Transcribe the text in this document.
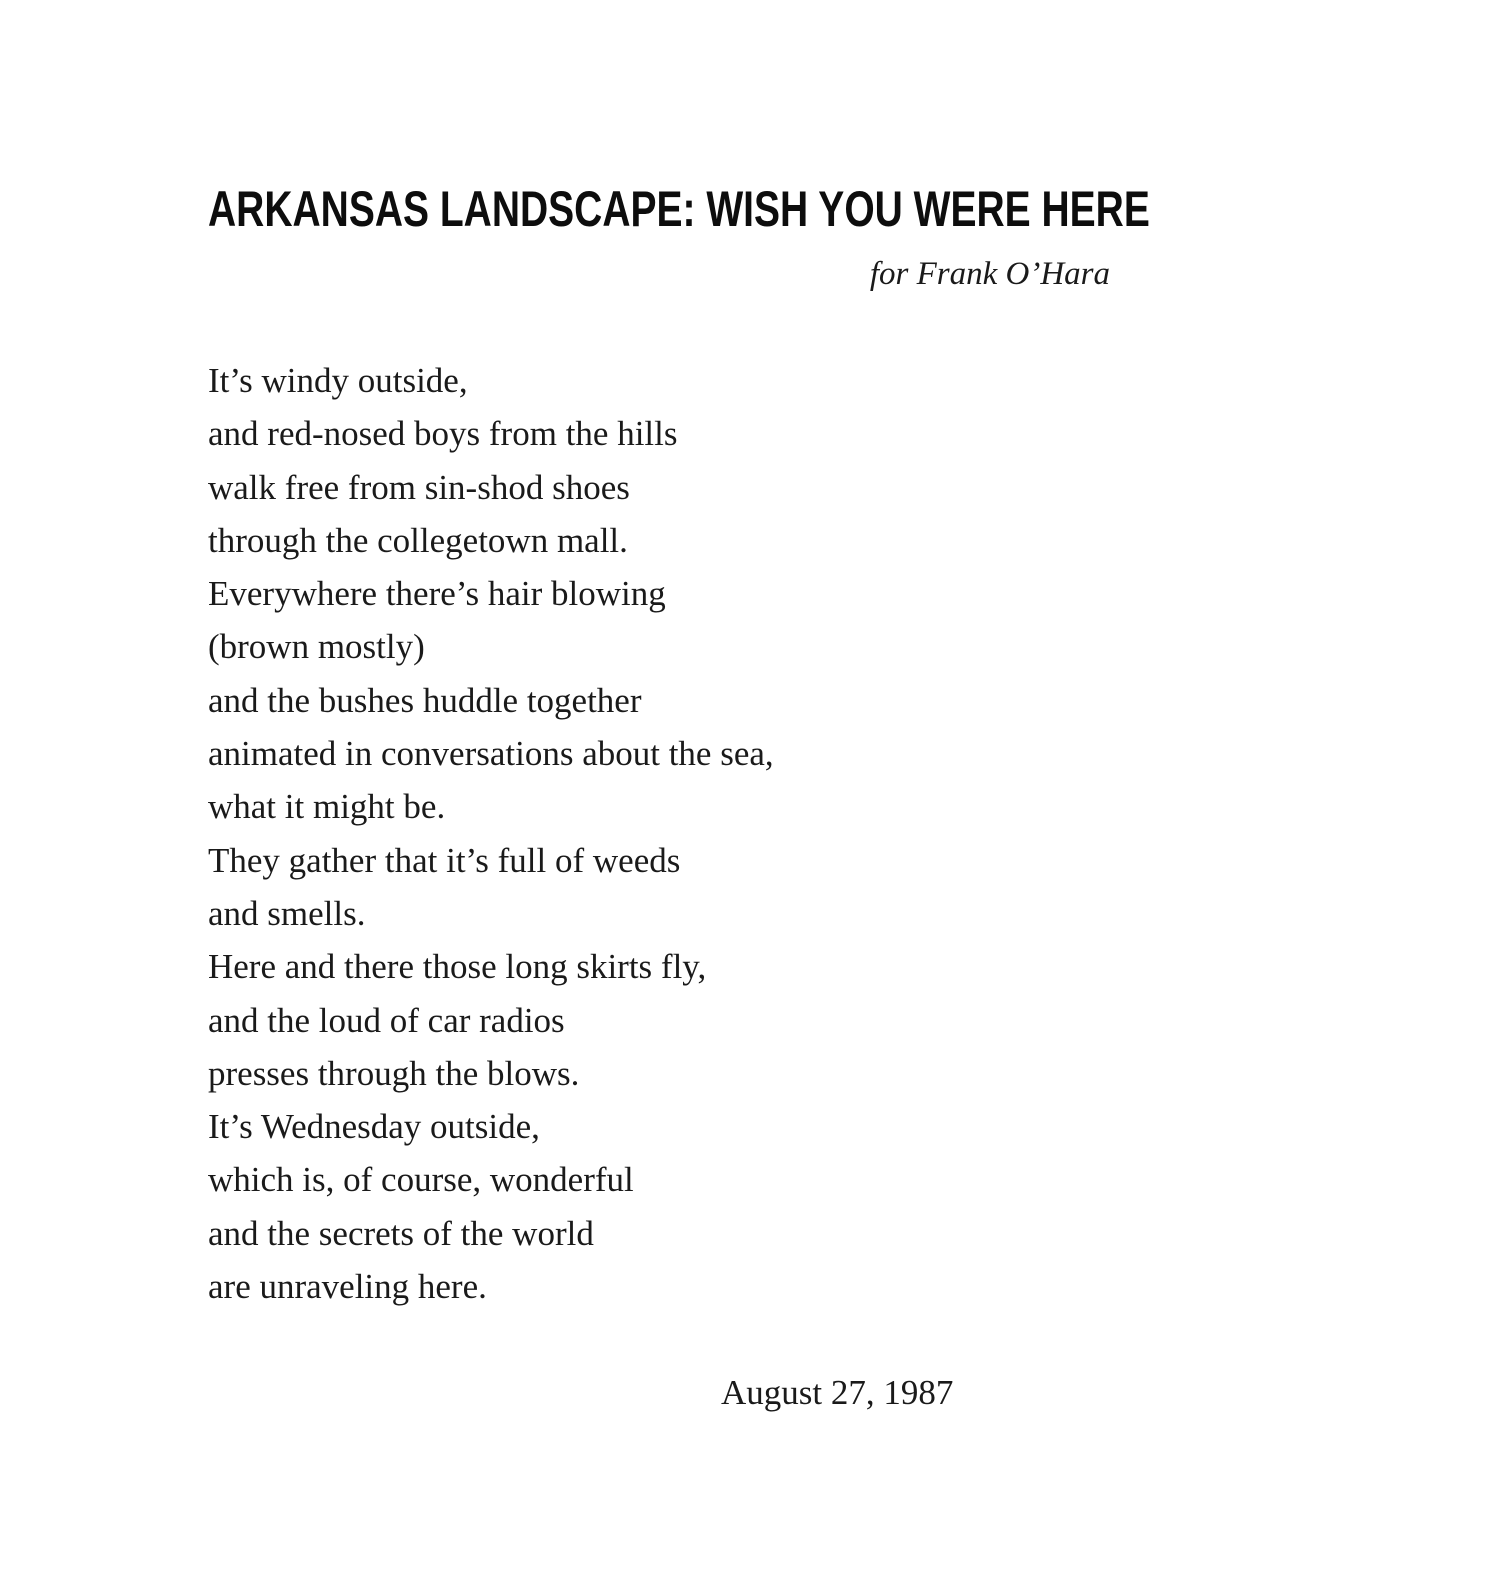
ARKANSAS LANDSCAPE: WISH YOU WERE HERE

for Frank O’Hara

It’s windy outside,
and red-nosed boys from the hills
walk free from sin-shod shoes
through the collegetown mall.
Everywhere there’s hair blowing
(brown mostly)
and the bushes huddle together
animated in conversations about the sea,
what it might be.
They gather that it’s full of weeds
and smells.
Here and there those long skirts fly,
and the loud of car radios
presses through the blows.
It’s Wednesday outside,
which is, of course, wonderful
and the secrets of the world
are unraveling here.

August 27, 1987
